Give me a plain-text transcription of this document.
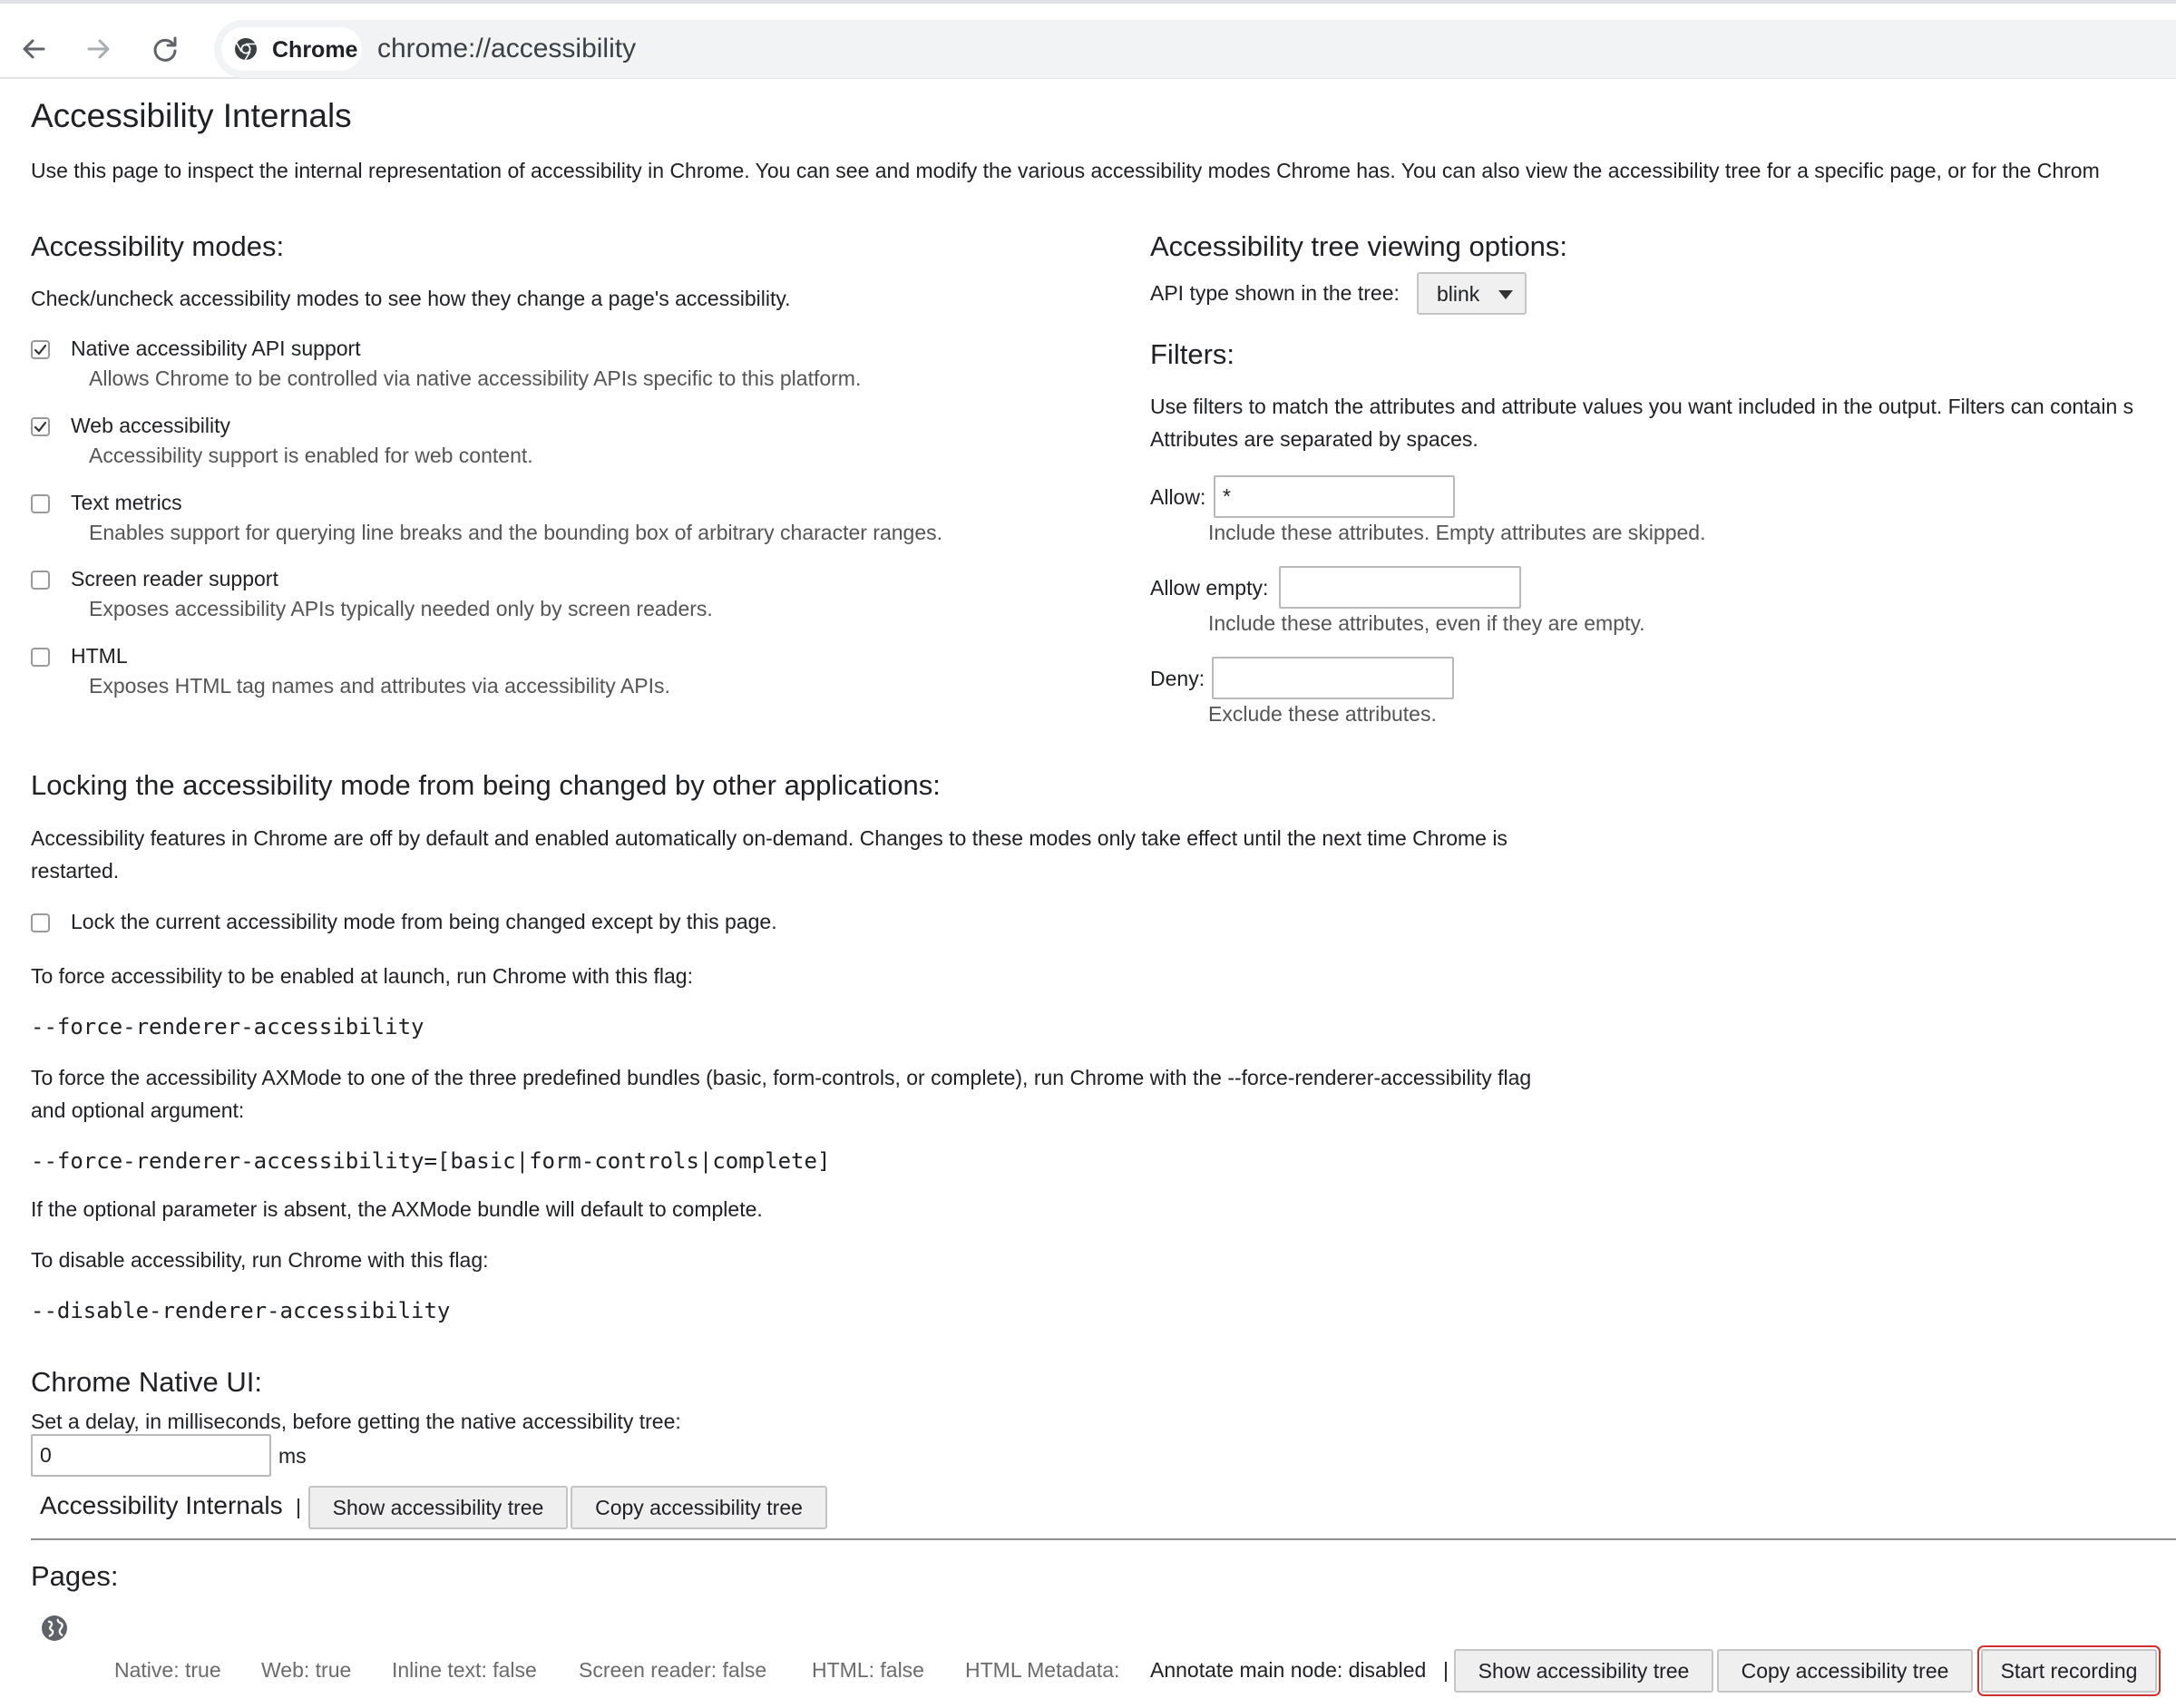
Chrome chrome://accessibility
Accessibility Internals
Use this page to inspect the internal representation of accessibility in Chrome. You can see and modify the various accessibility modes Chrome has. You can also view the accessibility tree for a specific page, or for the Chrom
Accessibility modes:
Check/uncheck accessibility modes to see how they change a page's accessibility.
Native accessibility API support
Allows Chrome to be controlled via native accessibility APIs specific to this platform.
Web accessibility
Accessibility support is enabled for web content.
Text metrics
Enables support for querying line breaks and the bounding box of arbitrary character ranges.
Screen reader support
Exposes accessibility APIs typically needed only by screen readers.
HTML
Exposes HTML tag names and attributes via accessibility APIs.
Accessibility tree viewing options:
API type shown in the tree: blink
Filters:
Use filters to match the attributes and attribute values you want included in the output. Filters can contain s
Attributes are separated by spaces.
Allow:
*
Include these attributes. Empty attributes are skipped.
Allow empty:
Include these attributes, even if they are empty.
Deny:
Exclude these attributes.
Locking the accessibility mode from being changed by other applications:
Accessibility features in Chrome are off by default and enabled automatically on-demand. Changes to these modes only take effect until the next time Chrome is
restarted.
Lock the current accessibility mode from being changed except by this page.
To force accessibility to be enabled at launch, run Chrome with this flag:
--force-renderer-accessibility
To force the accessibility AXMode to one of the three predefined bundles (basic, form-controls, or complete), run Chrome with the --force-renderer-accessibility flag
and optional argument:
--force-renderer-accessibility=[basic|form-controls|complete]
If the optional parameter is absent, the AXMode bundle will default to complete.
To disable accessibility, run Chrome with this flag:
--disable-renderer-accessibility
Chrome Native UI:
Set a delay, in milliseconds, before getting the native accessibility tree:
0
ms
Accessibility Internals |	Show accessibility tree	Copy accessibility tree
Pages:
Native: true Web: true Inline text: false Screen reader: false HTML: false HTML Metadata: Annotate main node: disabled |	Show accessibility tree	Copy accessibility tree	Start recording
